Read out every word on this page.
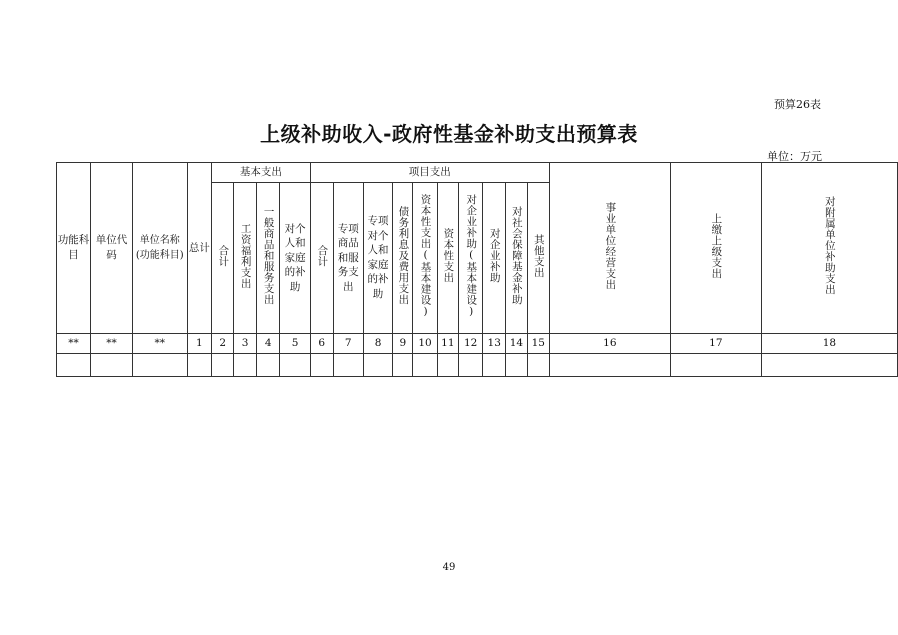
预算26表
上级补助收入-政府性基金补助支出预算表
单位：万元
功能科目	单位代码	单位名称(功能科目)	总计	基本支出				项目支出										事业单位经营支出	上缴上级支出	对附属单位补助支出
				合计	工资福利支出	一般商品和服务支出	对个人和家庭的补助	合计	专项商品和服务支出	专项对个人和家庭的补助	债务利息及费用支出	资本性支出(基本建设)	资本性支出	对企业补助(基本建设)	对企业补助	对社会保障基金补助	其他支出			
**	**	**	1	2	3	4	5	6	7	8	9	10	11	12	13	14	15	16	17	18

49
